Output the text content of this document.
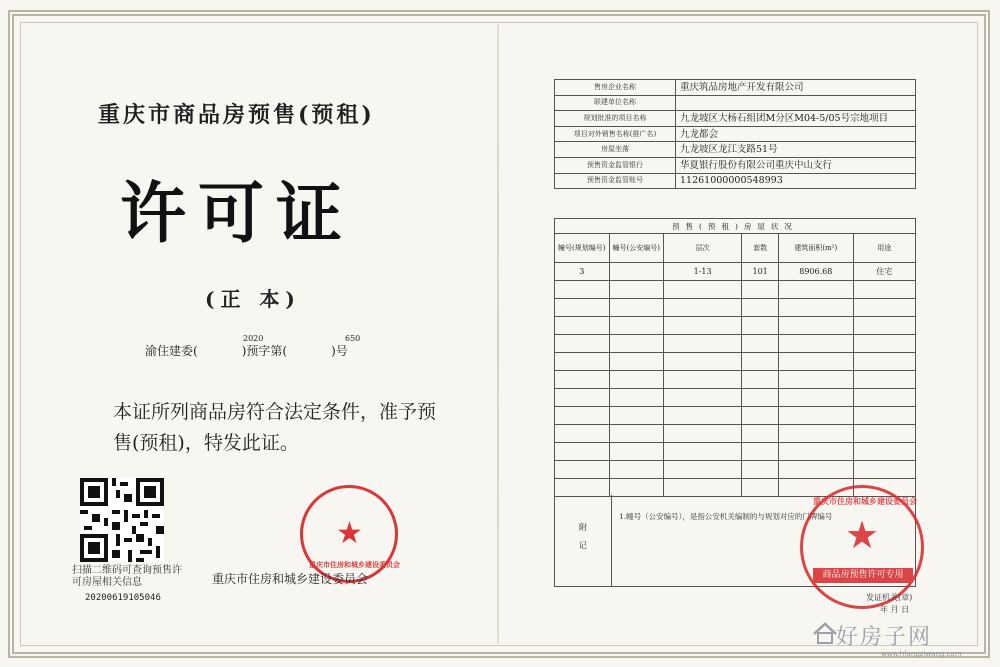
重庆市商品房预售(预租)
许可证
(正 本)
渝住建委(	)预字第(	)号
2020	650
本证所列商品房符合法定条件，准予预售(预租)，特发此证。
扫描二维码可查询预售许可房屋相关信息
20200619105046
★
重庆市住房和城乡建设委员会
重庆市住房和城乡建设委员会
售房企业名称	重庆筑品房地产开发有限公司
联建单位名称	
规划批准的项目名称	九龙坡区大杨石组团M分区M04-5/05号宗地项目
项目对外销售名称(推广名)	九龙都会
房屋坐落	九龙坡区龙江支路51号
预售资金监管银行	华夏银行股份有限公司重庆中山支行
预售资金监管账号	11261000000548993
预售(预租)房屋状况					
幢号(规划编号)	幢号(公安编号)	层次	套数	建筑面积(m²)	用途
3		1-13	101	8906.68	住宅

附记
1.幢号（公安编号），是指公安机关编制的与规划对应的门牌编号 ★
重庆市住房和城乡建设委员会
商品房预售许可专用
发证机关(章)
年 月 日
好房子网
www.hfangziwang.com
